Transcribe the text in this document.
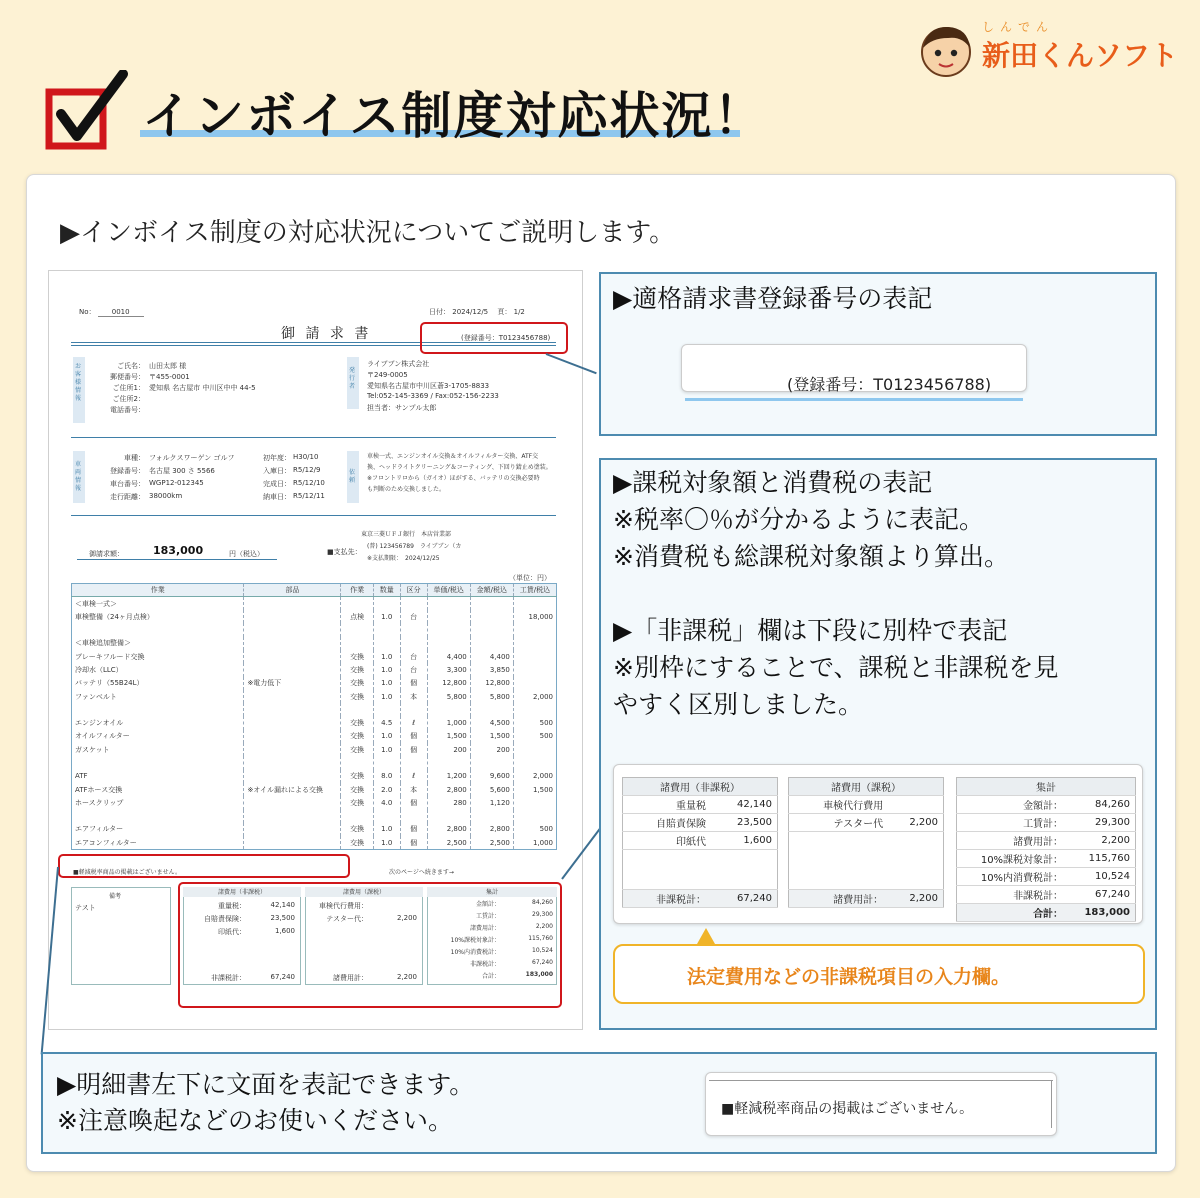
インボイス制度対応状況！
しんでん
新田くんソフト
▶インボイス制度の対応状況についてご説明します。
No： 0010	日付： 2024/12/5　 頁： 1/2
御 請 求 書	(登録番号：T0123456788)
お客様情報
ご氏名： 山田太郎 様
郵便番号： 〒455-0001
ご住所1： 愛知県 名古屋市 中川区中中 44-5
ご住所2：
電話番号：
発行者
ライブブン株式会社
〒249-0005
愛知県名古屋市中川区蒼3-1705-8833
Tel:052-145-3369 / Fax:052-156-2233
担当者：サンプル太郎
車両情報
車種： フォルクスワーゲン ゴルフ	初年度： H30/10
登録番号： 名古屋 300 さ 5566	入庫日： R5/12/9
車台番号： WGP12-012345	完成日： R5/12/10
走行距離： 38000km	納車日： R5/12/11
依頼
車検一式、エンジンオイル交換＆オイルフィルター交換、ATF交
換、ヘッドライトクリーニング＆コーティング、下回り錆止め塗装。
※フロントリロから（ガイオ）ほがする、バッテリの交換必要時
も判断のため交換しました。
東京三菱ＵＦＪ銀行　本店営業部
(普) 123456789　ライブブン（カ
※支払期限：　2024/12/25
御請求額：	183,000	円（税込）	■支払先：
（単位：円）
作業	部品	作業	数量	区分	単価/税込	金額/税込	工賃/税込
＜車検一式＞							
車検整備（24ヶ月点検）		点検	1.0	台			18,000

＜車検追加整備＞							
ブレーキフルード交換		交換	1.0	台	4,400	4,400	
冷却水（LLC）		交換	1.0	台	3,300	3,850	
バッテリ（55B24L）	※電力低下	交換	1.0	個	12,800	12,800	
ファンベルト		交換	1.0	本	5,800	5,800	2,000

エンジンオイル		交換	4.5	ℓ	1,000	4,500	500
オイルフィルター		交換	1.0	個	1,500	1,500	500
ガスケット		交換	1.0	個	200	200	

ATF		交換	8.0	ℓ	1,200	9,600	2,000
ATFホース交換	※オイル漏れによる交換	交換	2.0	本	2,800	5,600	1,500
ホースクリップ		交換	4.0	個	280	1,120	

エアフィルター		交換	1.0	個	2,800	2,800	500
エアコンフィルター		交換	1.0	個	2,500	2,500	1,000
■軽減税率商品の掲載はございません。	次のページへ続きます→
備考
テスト
諸費用（非課税）
重量税：	42,140
自賠責保険：	23,500
印紙代：	1,600
非課税計：	67,240
諸費用（課税）
車検代行費用：
テスター代：	2,200
諸費用計：	2,200
集計
金額計：	84,260
工賃計：	29,300
諸費用計：	2,200
10%課税対象計：	115,760
10%内消費税計：	10,524
非課税計：	67,240
合計：	183,000
▶適格請求書登録番号の表記
(登録番号：T0123456788)
▶課税対象額と消費税の表記
※税率〇％が分かるように表記。
※消費税も総課税対象額より算出。
▶「非課税」欄は下段に別枠で表記
※別枠にすることで、課税と非課税を見
やすく区別しました。
諸費用（非課税）	
重量税	42,140
自賠責保険	23,500
印紙代	1,600

非課税計：	67,240
諸費用（課税）	
車検代行費用	
テスター代	2,200

諸費用計：	2,200
集計	
金額計：	84,260
工賃計：	29,300
諸費用計：	2,200
10%課税対象計：	115,760
10%内消費税計：	10,524
非課税計：	67,240
合計：	183,000
法定費用などの非課税項目の入力欄。
▶明細書左下に文面を表記できます。
※注意喚起などのお使いください。	■軽減税率商品の掲載はございません。
